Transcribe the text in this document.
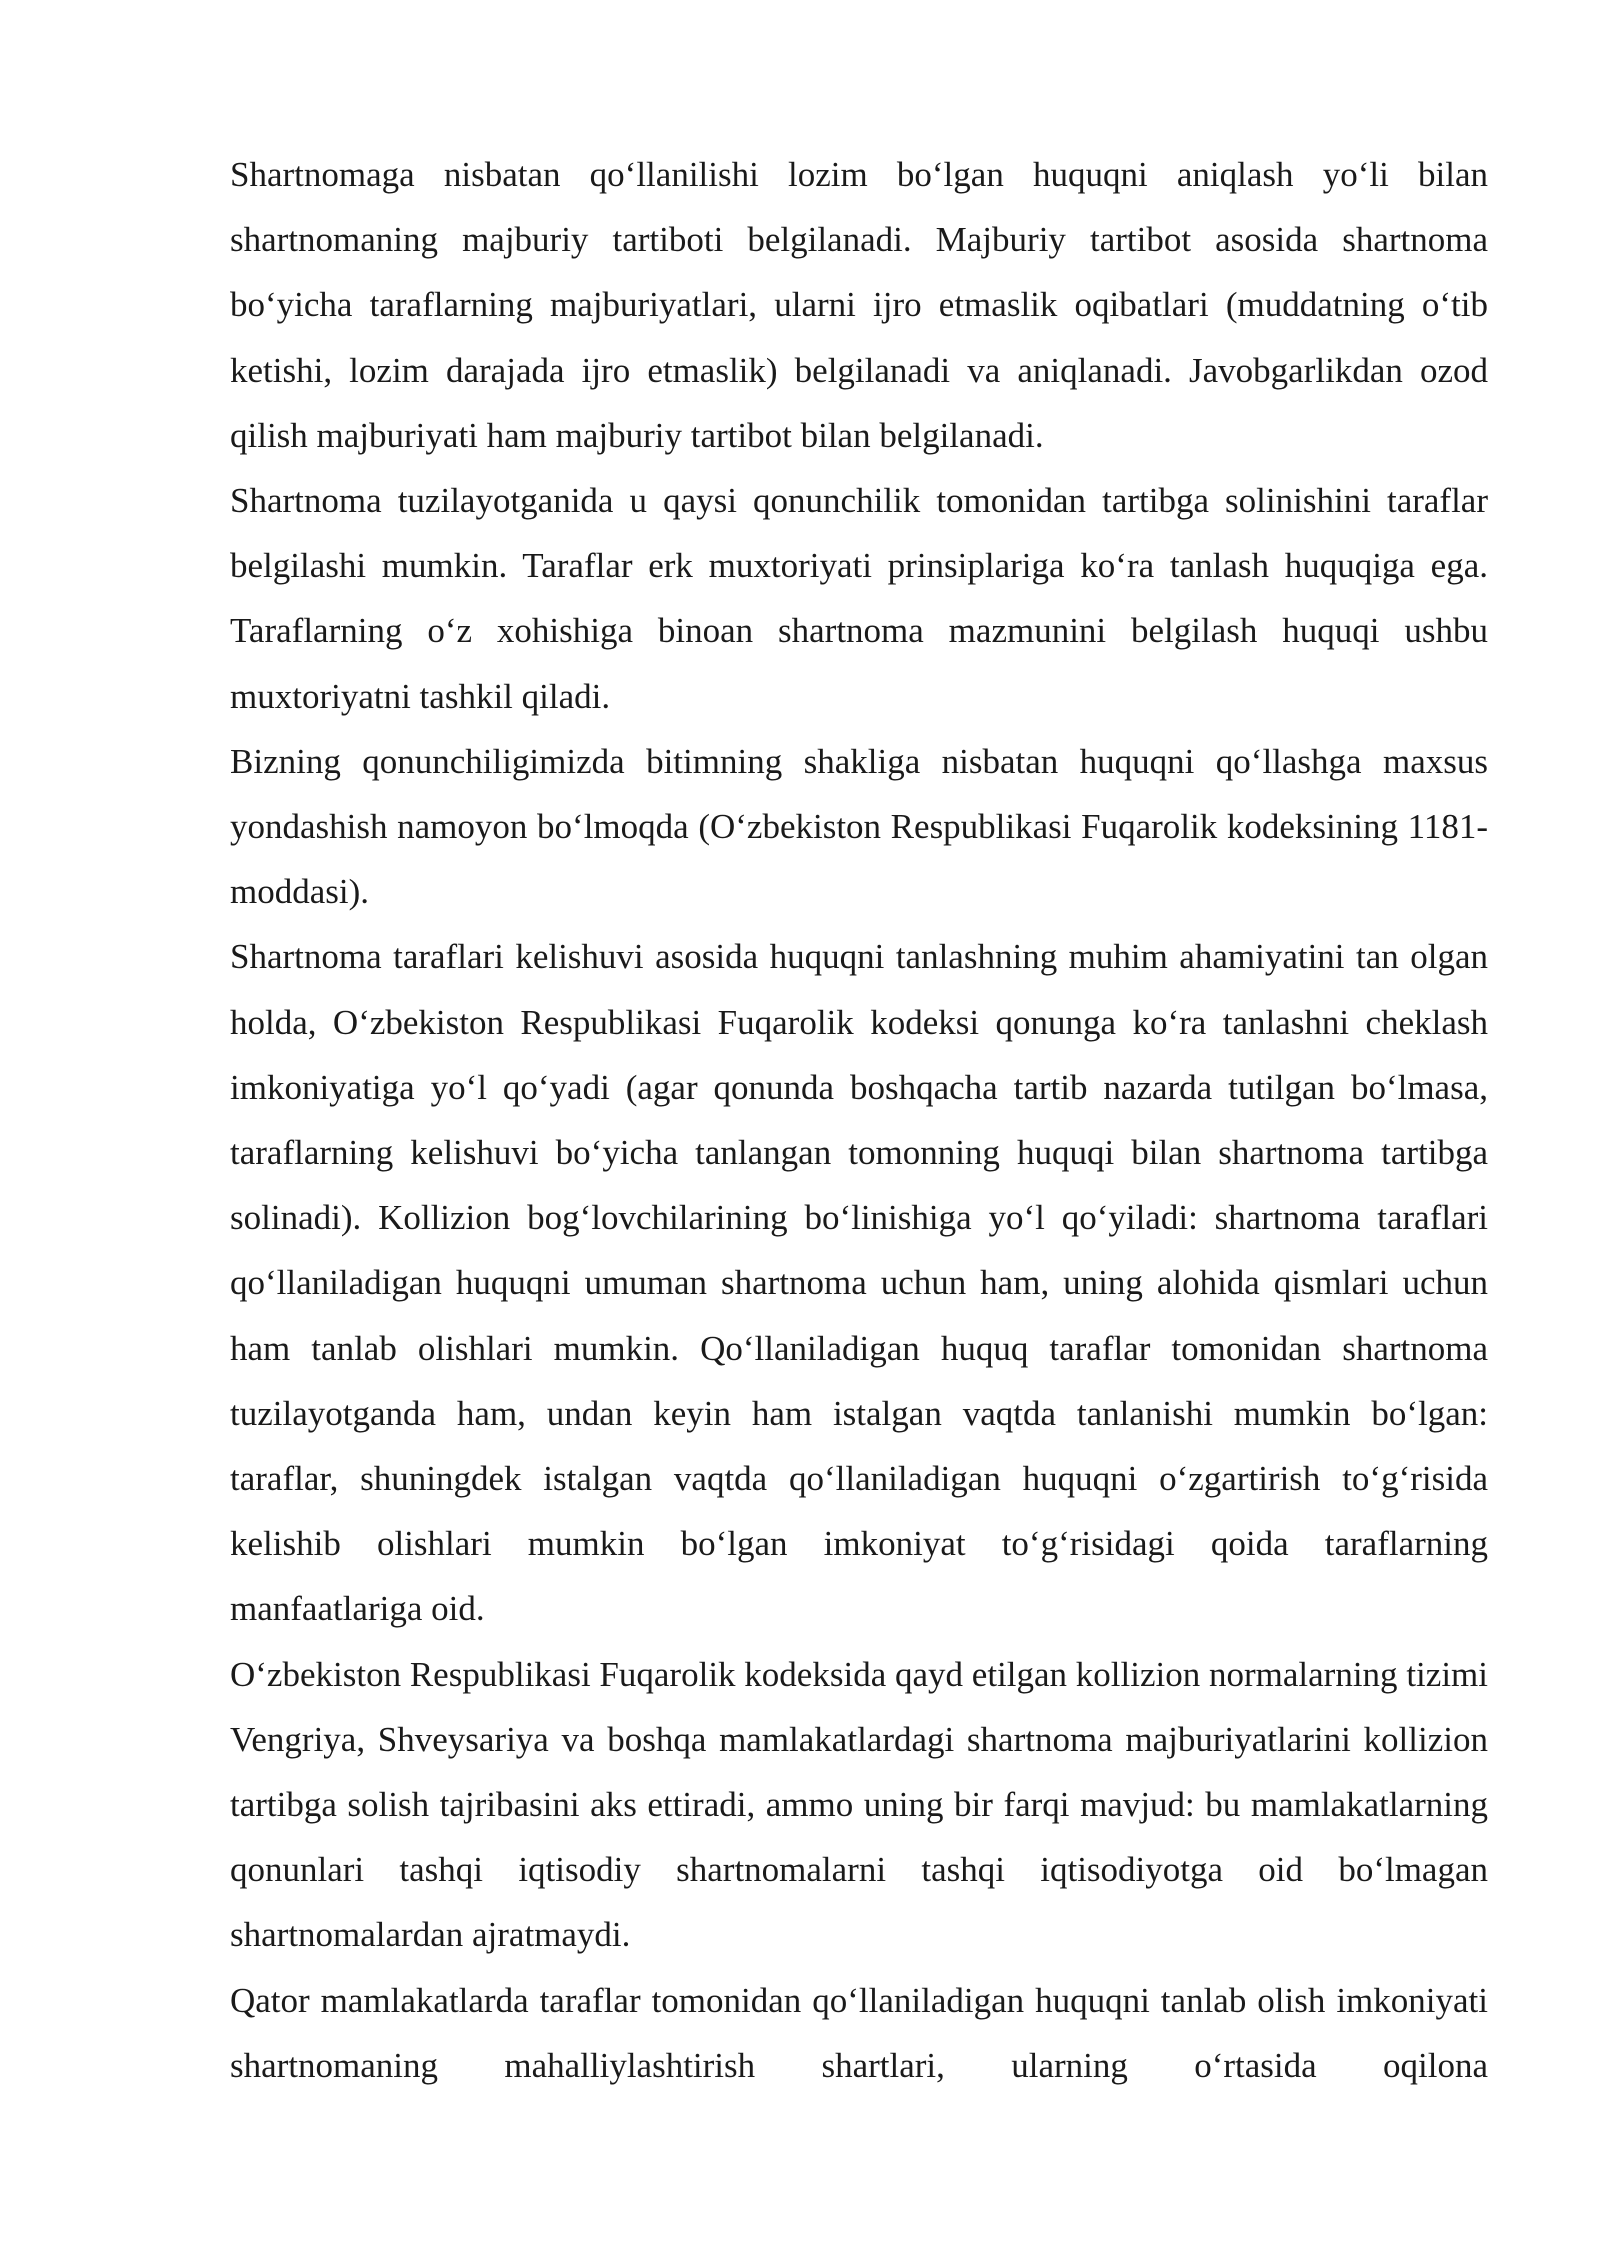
Shartnomaga nisbatan qo‘llanilishi lozim bo‘lgan huquqni aniqlash yo‘li bilan shartnomaning majburiy tartiboti belgilanadi. Majburiy tartibot asosida shartnoma bo‘yicha taraflarning majburiyatlari, ularni ijro etmaslik oqibatlari (muddatning o‘tib ketishi, lozim darajada ijro etmaslik) belgilanadi va aniqlanadi. Javobgarlikdan ozod qilish majburiyati ham majburiy tartibot bilan belgilanadi.

Shartnoma tuzilayotganida u qaysi qonunchilik tomonidan tartibga solinishini taraflar belgilashi mumkin. Taraflar erk muxtoriyati prinsiplariga ko‘ra tanlash huquqiga ega. Taraflarning o‘z xohishiga binoan shartnoma mazmunini belgilash huquqi ushbu muxtoriyatni tashkil qiladi.

Bizning qonunchiligimizda bitimning shakliga nisbatan huquqni qo‘llashga maxsus yondashish namoyon bo‘lmoqda (O‘zbekiston Respublikasi Fuqarolik kodeksining 1181-moddasi).

Shartnoma taraflari kelishuvi asosida huquqni tanlashning muhim ahamiyatini tan olgan holda, O‘zbekiston Respublikasi Fuqarolik kodeksi qonunga ko‘ra tanlashni cheklash imkoniyatiga yo‘l qo‘yadi (agar qonunda boshqacha tartib nazarda tutilgan bo‘lmasa, taraflarning kelishuvi bo‘yicha tanlangan tomonning huquqi bilan shartnoma tartibga solinadi). Kollizion bog‘lovchilarining bo‘linishiga yo‘l qo‘yiladi: shartnoma taraflari qo‘llaniladigan huquqni umuman shartnoma uchun ham, uning alohida qismlari uchun ham tanlab olishlari mumkin. Qo‘llaniladigan huquq taraflar tomonidan shartnoma tuzilayotganda ham, undan keyin ham istalgan vaqtda tanlanishi mumkin bo‘lgan: taraflar, shuningdek istalgan vaqtda qo‘llaniladigan huquqni o‘zgartirish to‘g‘risida kelishib olishlari mumkin bo‘lgan imkoniyat to‘g‘risidagi qoida taraflarning manfaatlariga oid.

O‘zbekiston Respublikasi Fuqarolik kodeksida qayd etilgan kollizion normalarning tizimi Vengriya, Shveysariya va boshqa mamlakatlardagi shartnoma majburiyatlarini kollizion tartibga solish tajribasini aks ettiradi, ammo uning bir farqi mavjud: bu mamlakatlarning qonunlari tashqi iqtisodiy shartnomalarni tashqi iqtisodiyotga oid bo‘lmagan shartnomalardan ajratmaydi.

Qator mamlakatlarda taraflar tomonidan qo‘llaniladigan huquqni tanlab olish imkoniyati shartnomaning mahalliylashtirish shartlari, ularning o‘rtasida oqilona
